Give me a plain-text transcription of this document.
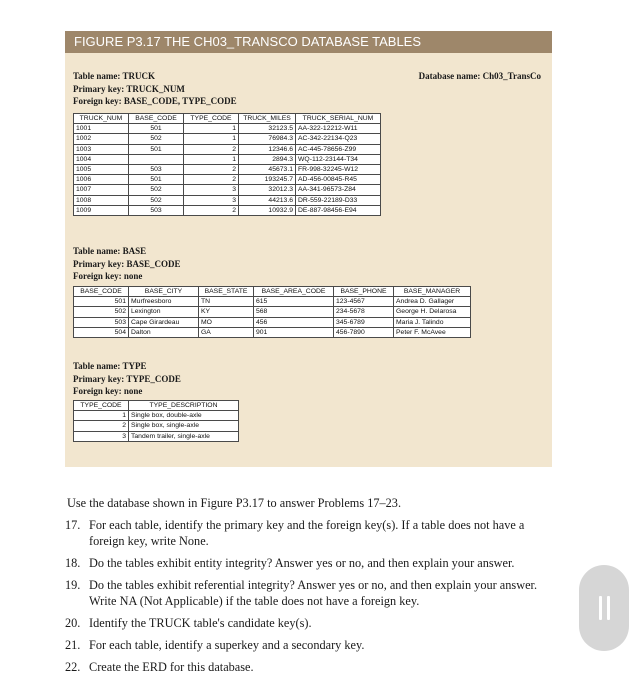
FIGURE P3.17 THE CH03_TRANSCO DATABASE TABLES
Database name: Ch03_TransCo
Table name: TRUCK
Primary key: TRUCK_NUM
Foreign key: BASE_CODE, TYPE_CODE
TRUCK_NUM	BASE_CODE	TYPE_CODE	TRUCK_MILES	TRUCK_SERIAL_NUM
1001	501	1	32123.5	AA-322-12212-W11
1002	502	1	76984.3	AC-342-22134-Q23
1003	501	2	12346.6	AC-445-78656-Z99
1004		1	2894.3	WQ-112-23144-T34
1005	503	2	45673.1	FR-998-32245-W12
1006	501	2	193245.7	AD-456-00845-R45
1007	502	3	32012.3	AA-341-96573-Z84
1008	502	3	44213.6	DR-559-22189-D33
1009	503	2	10932.9	DE-887-98456-E94
Table name: BASE
Primary key: BASE_CODE
Foreign key: none
BASE_CODE	BASE_CITY	BASE_STATE	BASE_AREA_CODE	BASE_PHONE	BASE_MANAGER
501	Murfreesboro	TN	615	123-4567	Andrea D. Gallager
502	Lexington	KY	568	234-5678	George H. Delarosa
503	Cape Girardeau	MO	456	345-6789	Maria J. Talindo
504	Dalton	GA	901	456-7890	Peter F. McAvee
Table name: TYPE
Primary key: TYPE_CODE
Foreign key: none
TYPE_CODE	TYPE_DESCRIPTION
1	Single box, double-axle
2	Single box, single-axle
3	Tandem trailer, single-axle
Use the database shown in Figure P3.17 to answer Problems 17–23.
17. For each table, identify the primary key and the foreign key(s). If a table does not have a foreign key, write None.
18. Do the tables exhibit entity integrity? Answer yes or no, and then explain your answer.
19. Do the tables exhibit referential integrity? Answer yes or no, and then explain your answer. Write NA (Not Applicable) if the table does not have a foreign key.
20. Identify the TRUCK table's candidate key(s).
21. For each table, identify a superkey and a secondary key.
22. Create the ERD for this database.
